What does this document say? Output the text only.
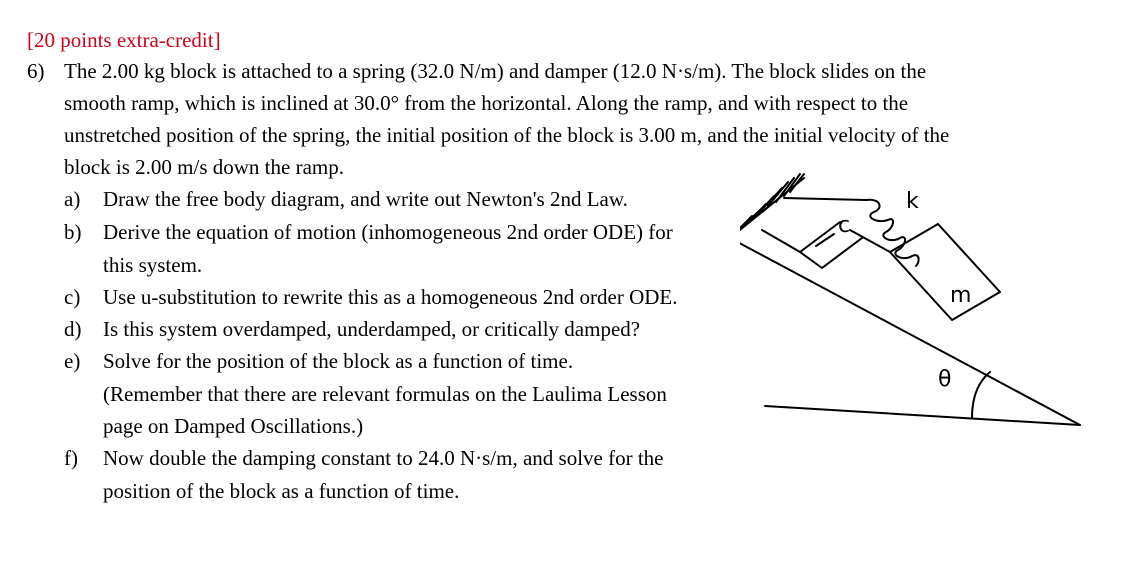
[20 points extra-credit]
6) The 2.00 kg block is attached to a spring (32.0 N/m) and damper (12.0 N·s/m). The block slides on the
smooth ramp, which is inclined at 30.0° from the horizontal. Along the ramp, and with respect to the
unstretched position of the spring, the initial position of the block is 3.00 m, and the initial velocity of the
block is 2.00 m/s down the ramp.
a) Draw the free body diagram, and write out Newton's 2nd Law.
b) Derive the equation of motion (inhomogeneous 2nd order ODE) for
this system.
c) Use u-substitution to rewrite this as a homogeneous 2nd order ODE.
d) Is this system overdamped, underdamped, or critically damped?
e) Solve for the position of the block as a function of time.
(Remember that there are relevant formulas on the Laulima Lesson
page on Damped Oscillations.)
f) Now double the damping constant to 24.0 N·s/m, and solve for the
position of the block as a function of time.
c
k
m
θ
